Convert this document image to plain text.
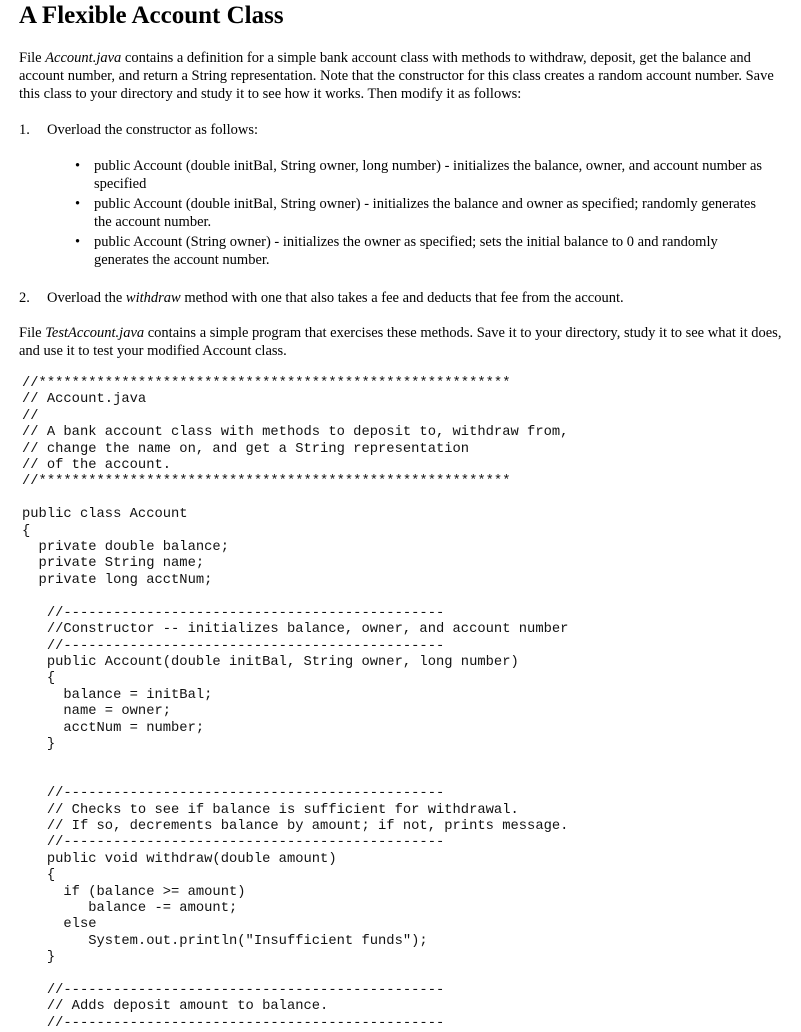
A Flexible Account Class
File Account.java contains a definition for a simple bank account class with methods to withdraw, deposit, get the balance and account number, and return a String representation. Note that the constructor for this class creates a random account number. Save this class to your directory and study it to see how it works. Then modify it as follows:
1. Overload the constructor as follows:
• public Account (double initBal, String owner, long number) - initializes the balance, owner, and account number as specified
• public Account (double initBal, String owner) - initializes the balance and owner as specified; randomly generates the account number.
• public Account (String owner) - initializes the owner as specified; sets the initial balance to 0 and randomly generates the account number.
2. Overload the withdraw method with one that also takes a fee and deducts that fee from the account.
File TestAccount.java contains a simple program that exercises these methods. Save it to your directory, study it to see what it does, and use it to test your modified Account class.
//*********************************************************
// Account.java
//
// A bank account class with methods to deposit to, withdraw from,
// change the name on, and get a String representation
// of the account.
//*********************************************************

public class Account
{
private double balance;
private String name;
private long acctNum;

//----------------------------------------------
//Constructor -- initializes balance, owner, and account number
//----------------------------------------------
public Account(double initBal, String owner, long number)
{
balance = initBal;
name = owner;
acctNum = number;
}

//----------------------------------------------
// Checks to see if balance is sufficient for withdrawal.
// If so, decrements balance by amount; if not, prints message.
//----------------------------------------------
public void withdraw(double amount)
{
if (balance >= amount)
balance -= amount;
else
System.out.println("Insufficient funds");
}

//----------------------------------------------
// Adds deposit amount to balance.
//----------------------------------------------
